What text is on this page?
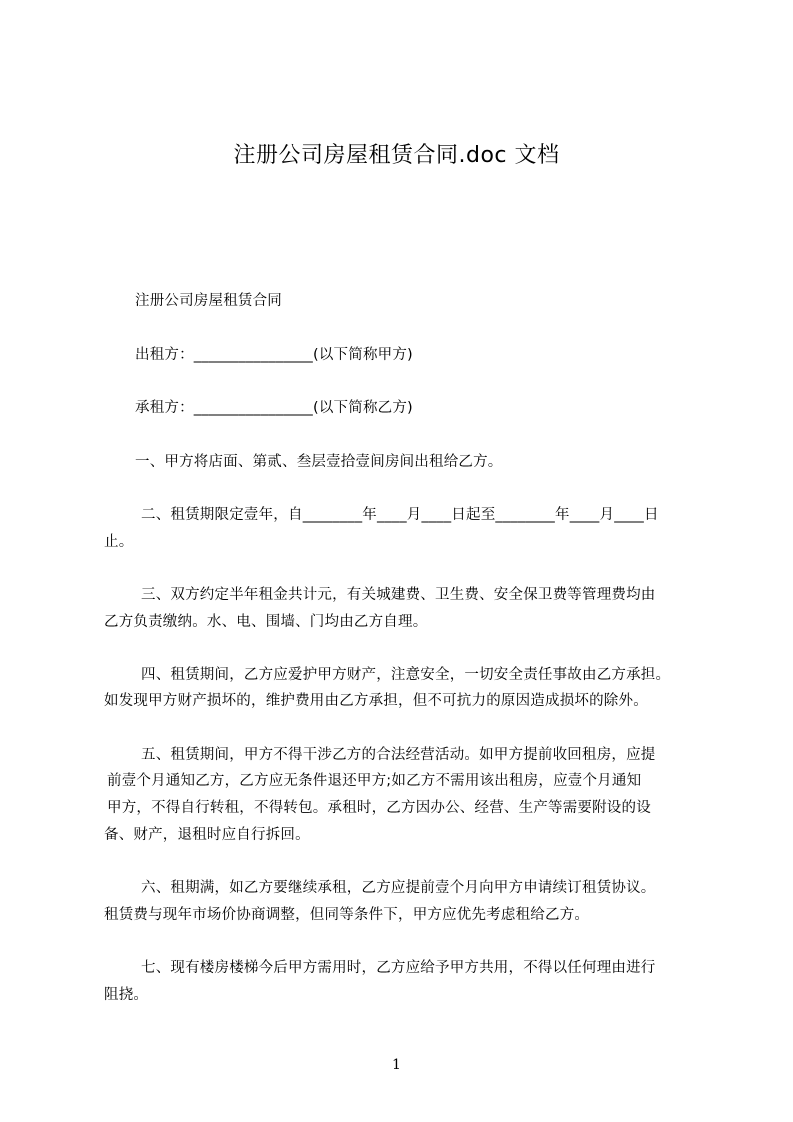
注册公司房屋租赁合同.doc 文档
注册公司房屋租赁合同
出租方：________________(以下简称甲方)
承租方：________________(以下简称乙方)
一、甲方将店面、第贰、叁层壹拾壹间房间出租给乙方。
二、租赁期限定壹年，自________年____月____日起至________年____月____日
止。
三、双方约定半年租金共计元，有关城建费、卫生费、安全保卫费等管理费均由
乙方负责缴纳。水、电、围墙、门均由乙方自理。
四、租赁期间，乙方应爱护甲方财产，注意安全，一切安全责任事故由乙方承担。
如发现甲方财产损坏的，维护费用由乙方承担，但不可抗力的原因造成损坏的除外。
五、租赁期间，甲方不得干涉乙方的合法经营活动。如甲方提前收回租房，应提
前壹个月通知乙方，乙方应无条件退还甲方;如乙方不需用该出租房，应壹个月通知
甲方，不得自行转租，不得转包。承租时，乙方因办公、经营、生产等需要附设的设
备、财产，退租时应自行拆回。
六、租期满，如乙方要继续承租，乙方应提前壹个月向甲方申请续订租赁协议。
租赁费与现年市场价协商调整，但同等条件下，甲方应优先考虑租给乙方。
七、现有楼房楼梯今后甲方需用时，乙方应给予甲方共用，不得以任何理由进行
阻挠。
1
